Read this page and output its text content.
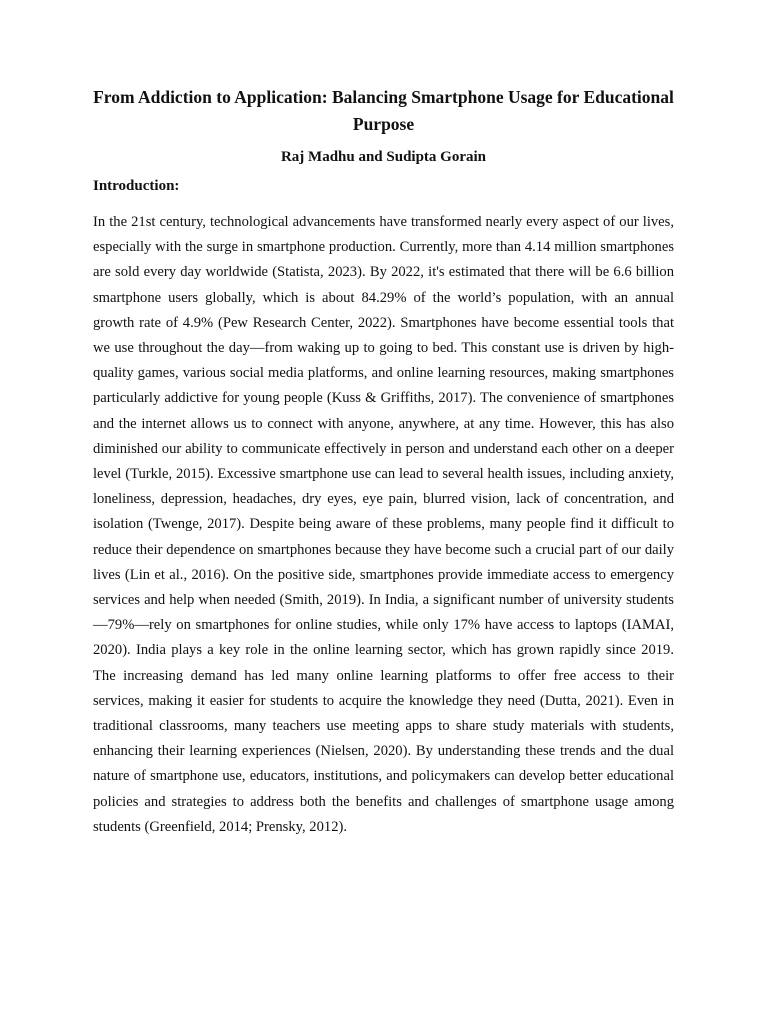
From Addiction to Application: Balancing Smartphone Usage for Educational Purpose
Raj Madhu and Sudipta Gorain
Introduction:

In the 21st century, technological advancements have transformed nearly every aspect of our lives, especially with the surge in smartphone production. Currently, more than 4.14 million smartphones are sold every day worldwide (Statista, 2023). By 2022, it's estimated that there will be 6.6 billion smartphone users globally, which is about 84.29% of the world’s population, with an annual growth rate of 4.9% (Pew Research Center, 2022). Smartphones have become essential tools that we use throughout the day—from waking up to going to bed. This constant use is driven by high-quality games, various social media platforms, and online learning resources, making smartphones particularly addictive for young people (Kuss & Griffiths, 2017). The convenience of smartphones and the internet allows us to connect with anyone, anywhere, at any time. However, this has also diminished our ability to communicate effectively in person and understand each other on a deeper level (Turkle, 2015). Excessive smartphone use can lead to several health issues, including anxiety, loneliness, depression, headaches, dry eyes, eye pain, blurred vision, lack of concentration, and isolation (Twenge, 2017). Despite being aware of these problems, many people find it difficult to reduce their dependence on smartphones because they have become such a crucial part of our daily lives (Lin et al., 2016). On the positive side, smartphones provide immediate access to emergency services and help when needed (Smith, 2019). In India, a significant number of university students—79%—rely on smartphones for online studies, while only 17% have access to laptops (IAMAI, 2020). India plays a key role in the online learning sector, which has grown rapidly since 2019. The increasing demand has led many online learning platforms to offer free access to their services, making it easier for students to acquire the knowledge they need (Dutta, 2021). Even in traditional classrooms, many teachers use meeting apps to share study materials with students, enhancing their learning experiences (Nielsen, 2020). By understanding these trends and the dual nature of smartphone use, educators, institutions, and policymakers can develop better educational policies and strategies to address both the benefits and challenges of smartphone usage among students (Greenfield, 2014; Prensky, 2012).
